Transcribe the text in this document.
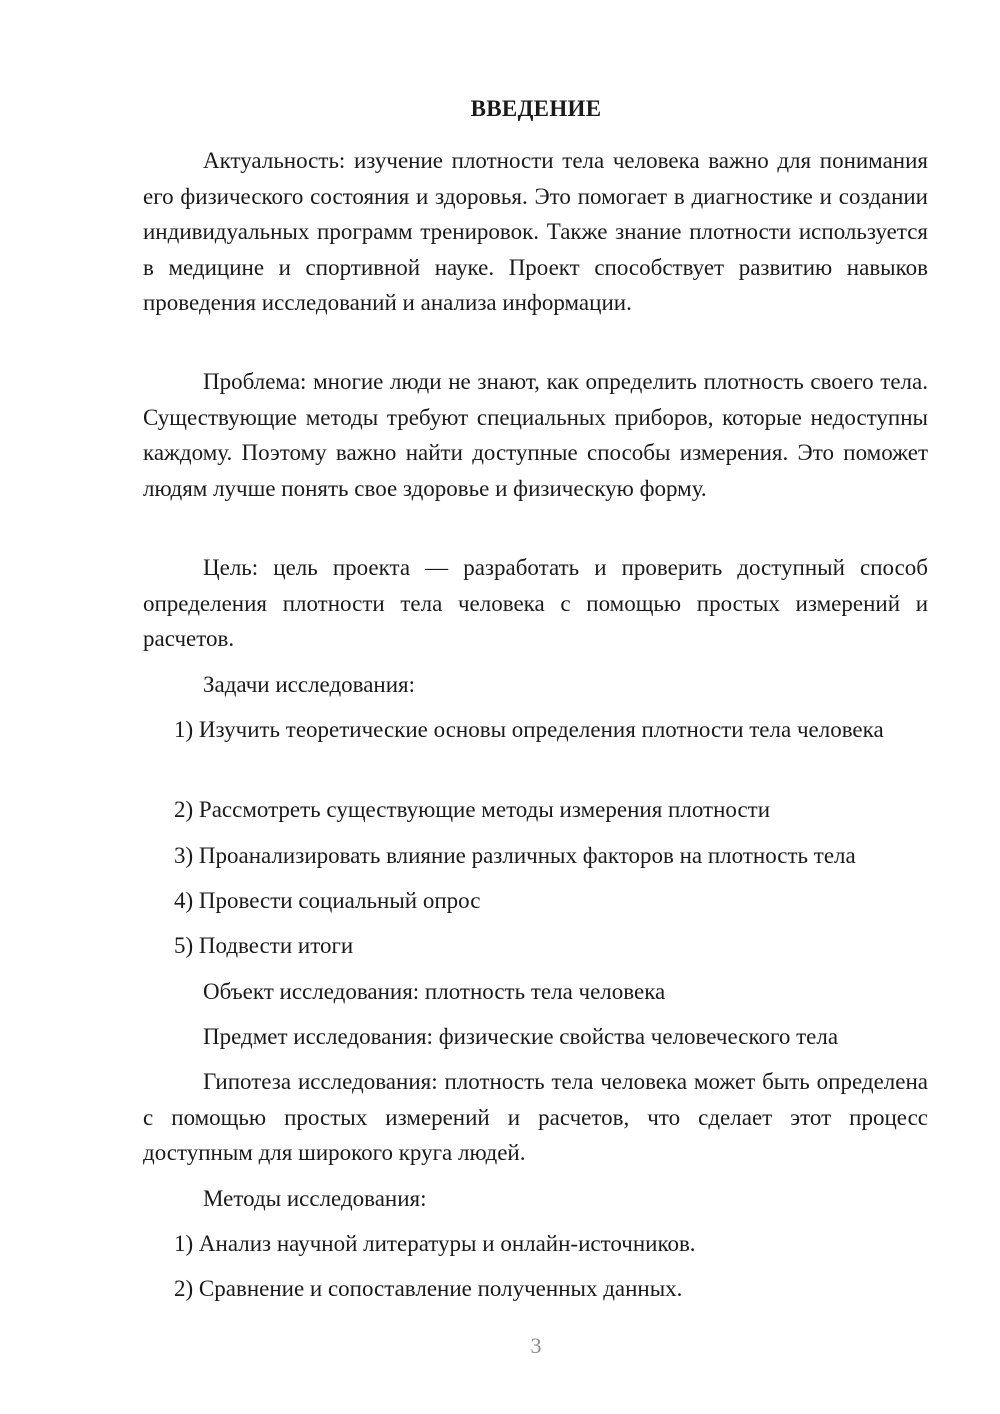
ВВЕДЕНИЕ

Актуальность: изучение плотности тела человека важно для понимания его физического состояния и здоровья. Это помогает в диагностике и создании индивидуальных программ тренировок. Также знание плотности используется в медицине и спортивной науке. Проект способствует развитию навыков проведения исследований и анализа информации.

Проблема: многие люди не знают, как определить плотность своего тела. Существующие методы требуют специальных приборов, которые недоступны каждому. Поэтому важно найти доступные способы измерения. Это поможет людям лучше понять свое здоровье и физическую форму.

Цель: цель проекта — разработать и проверить доступный способ определения плотности тела человека с помощью простых измерений и расчетов.

Задачи исследования:

1) Изучить теоретические основы определения плотности тела человека

2) Рассмотреть существующие методы измерения плотности

3) Проанализировать влияние различных факторов на плотность тела

4) Провести социальный опрос

5) Подвести итоги

Объект исследования: плотность тела человека

Предмет исследования: физические свойства человеческого тела

Гипотеза исследования: плотность тела человека может быть определена с помощью простых измерений и расчетов, что сделает этот процесс доступным для широкого круга людей.

Методы исследования:

1) Анализ научной литературы и онлайн-источников.

2) Сравнение и сопоставление полученных данных.

3
